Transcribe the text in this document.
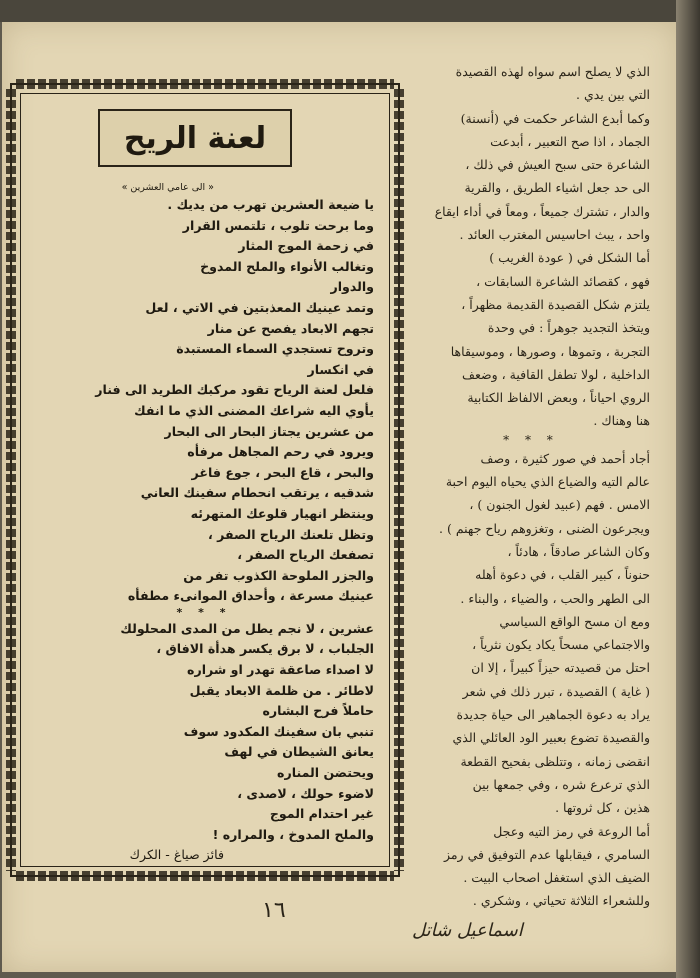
الذي لا يصلح اسم سواه لهذه القصيدة

التي بين يدي .

وكما أبدع الشاعر حكمت في (أنسنة)

الجماد ، اذا صح التعبير ، أبدعت

الشاعرة حتى سبح العيش في ذلك ،

الى حد جعل اشياء الطريق ، والقرية

والدار ، تشترك جميعاً ، ومعاً في أداء ايقاع

واحد ، يبث احاسيس المغترب العائد .

أما الشكل في ( عودة الغريب )

فهو ، كقصائد الشاعرة السابقات ،

يلتزم شكل القصيدة القديمة مظهراً ،

ويتخذ التجديد جوهراً : في وحدة

التجربة ، وتموها ، وصورها ، وموسيقاها

الداخلية ، لولا تطفل القافية ، وضعف

الروي احياناً ، وبعض الالفاظ الكتابية

هنا وهناك .

* * *

أجاد أحمد في صور كثيرة ، وصف

عالم التيه والضياع الذي يحياه اليوم احبة

الامس . فهم (عبيد لغول الجنون ) ،

ويجرعون الضنى ، وتغزوهم رياح جهنم ) .

وكان الشاعر صادقاً ، هادئاً ،

حنوناً ، كبير القلب ، في دعوة أهله

الى الطهر والحب ، والضياء ، والبناء .

ومع ان مسح الواقع السياسي

والاجتماعي مسحاً يكاد يكون نثرياً ،

احتل من قصيدته حيزاً كبيراً ، إلا ان

( غاية ) القصيدة ، تبرر ذلك في شعر

يراد به دعوة الجماهير الى حياة جديدة

والقصيدة تضوع بعبير الود العائلي الذي

انقضى زمانه ، وتتلظى بفحيح القطعة

الذي ترعرع شره ، وفي جمعها بين

هذين ، كل ثروتها .

أما الروعة في رمز التيه وعجل

السامري ، فيقابلها عدم التوفيق في رمز

الضيف الذي استغفل اصحاب البيت .

وللشعراء الثلاثة تحياتي ، وشكري .

اسماعيل شاتل
لعنة الريح
« الى عامي العشرين »
يا ضيعة العشرين تهرب من يديك .
وما برحت تلوب ، تلتمس القرار
في زحمة الموج المثار
وتغالب الأنواء والملح المدوخ
والدوار
وتمد عينيك المعذبتين في الاتي ، لعل
تجهم الابعاد يفصح عن منار
وتروح تستجدي السماء المستبدة
في انكسار
فلعل لعنة الرياح تقود مركبك الطريد الى فنار
يأوي اليه شراعك المضنى الذي ما انفك
من عشرين يجتاز البحار الى البحار
ويرود في رحم المجاهل مرفأه
والبحر ، قاع البحر ، جوع فاغر
شدقيه ، يرتقب انحطام سفينك العاني
وينتظر انهيار قلوعك المتهرئه
وتظل تلعنك الرياح الصفر ،
تصفعك الرياح الصفر ،
والجزر الملوحة الكذوب تفر من
عينيك مسرعة ، وأحداق الموانىء مطفأه
* * *
عشرين ، لا نجم يطل من المدى المحلولك
الجلباب ، لا برق يكسر هدأة الافاق ،
لا اصداء صاعقة تهدر او شراره
لاطائر . من ظلمة الابعاد يقبل
حاملاً فرح البشاره
تنبي بان سفينك المكدود سوف
يعانق الشيطان في لهف
ويحتضن المناره
لاضوء حولك ، لاصدى ،
غير احتدام الموج
والملح المدوخ ، والمراره !
فائز صياغ - الكرك
١٦
